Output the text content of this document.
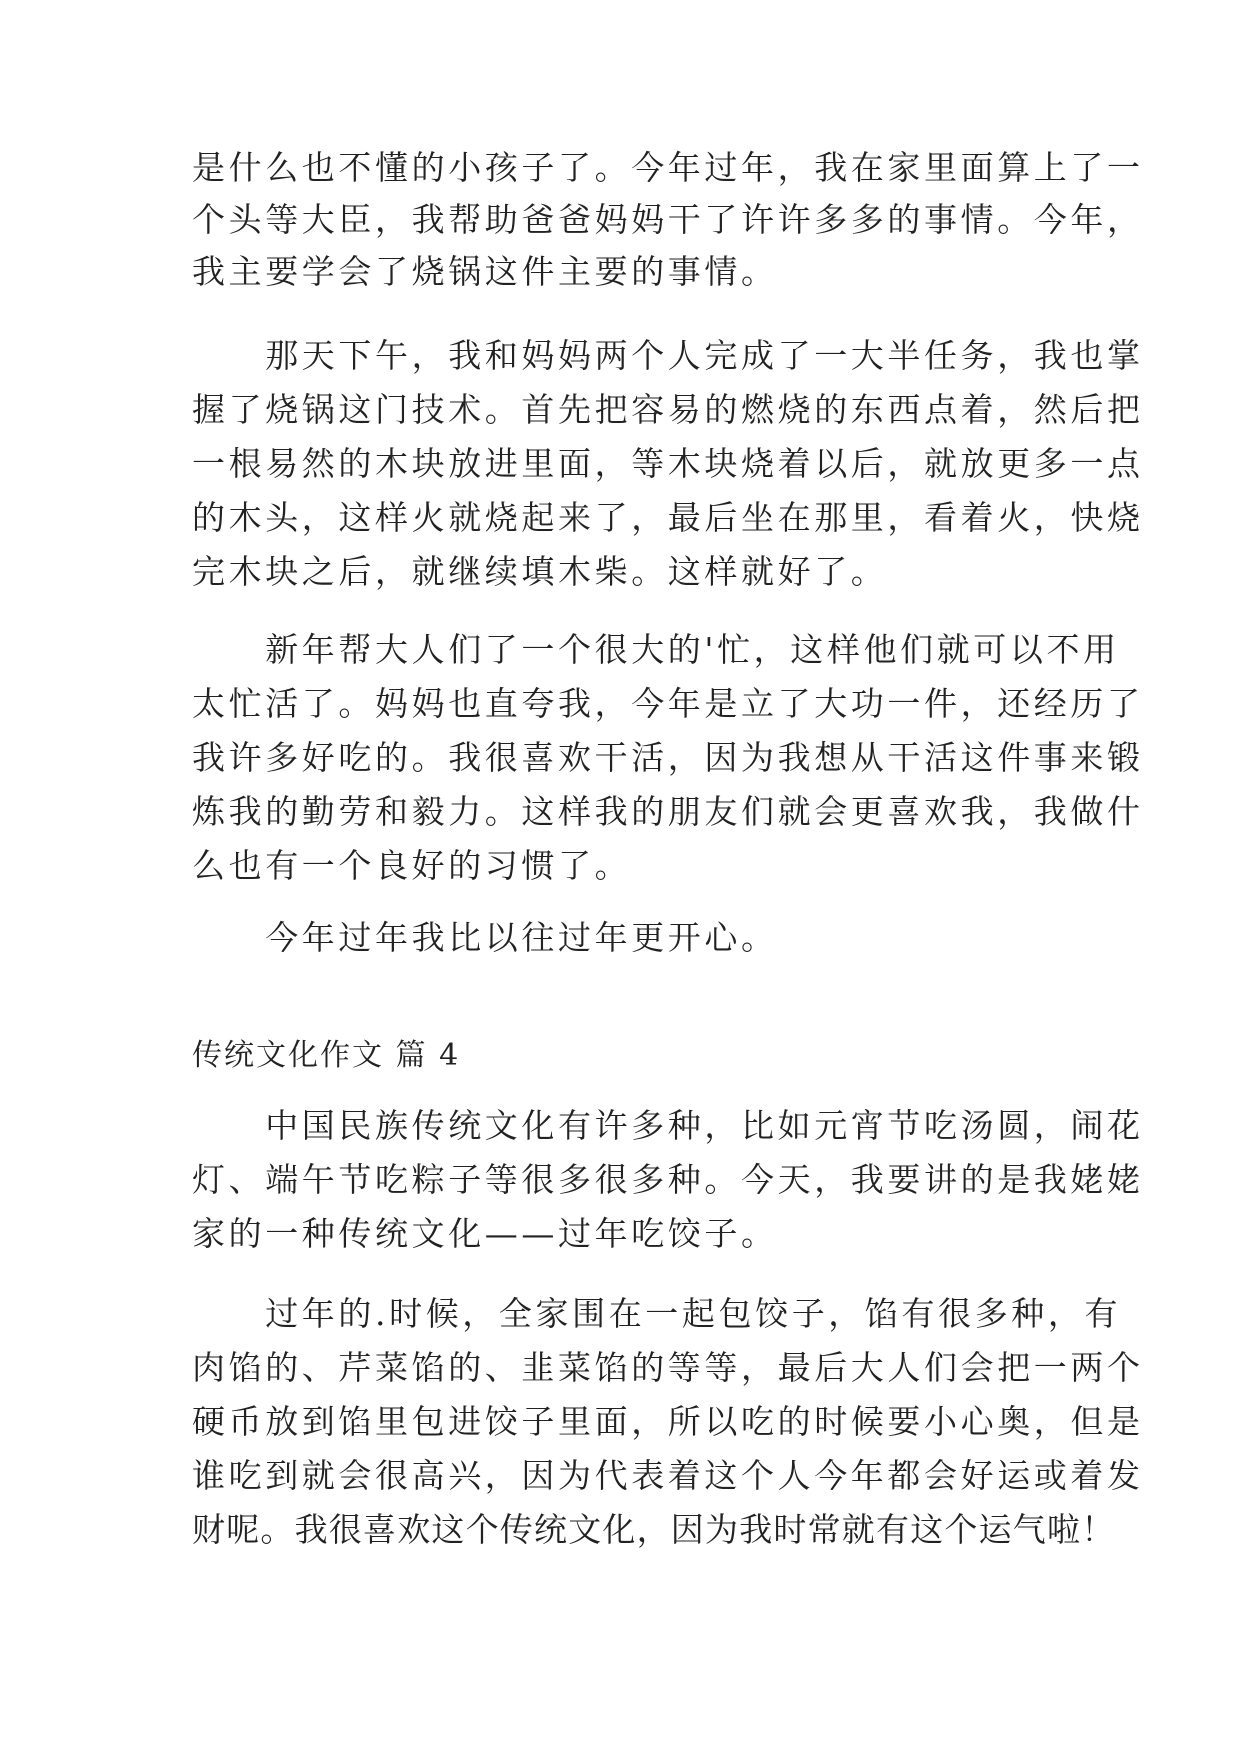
是什么也不懂的小孩子了。今年过年，我在家里面算上了一
个头等大臣，我帮助爸爸妈妈干了许许多多的事情。今年，
我主要学会了烧锅这件主要的事情。
　　那天下午，我和妈妈两个人完成了一大半任务，我也掌
握了烧锅这门技术。首先把容易的燃烧的东西点着，然后把
一根易然的木块放进里面，等木块烧着以后，就放更多一点
的木头，这样火就烧起来了，最后坐在那里，看着火，快烧
完木块之后，就继续填木柴。这样就好了。
　　新年帮大人们了一个很大的'忙，这样他们就可以不用
太忙活了。妈妈也直夸我，今年是立了大功一件，还经历了
我许多好吃的。我很喜欢干活，因为我想从干活这件事来锻
炼我的勤劳和毅力。这样我的朋友们就会更喜欢我，我做什
么也有一个良好的习惯了。
　　今年过年我比以往过年更开心。
传统文化作文 篇 4
　　中国民族传统文化有许多种，比如元宵节吃汤圆，闹花
灯、端午节吃粽子等很多很多种。今天，我要讲的是我姥姥
家的一种传统文化——过年吃饺子。
　　过年的.时候，全家围在一起包饺子，馅有很多种，有
肉馅的、芹菜馅的、韭菜馅的等等，最后大人们会把一两个
硬币放到馅里包进饺子里面，所以吃的时候要小心奥，但是
谁吃到就会很高兴，因为代表着这个人今年都会好运或着发
财呢。我很喜欢这个传统文化，因为我时常就有这个运气啦！
